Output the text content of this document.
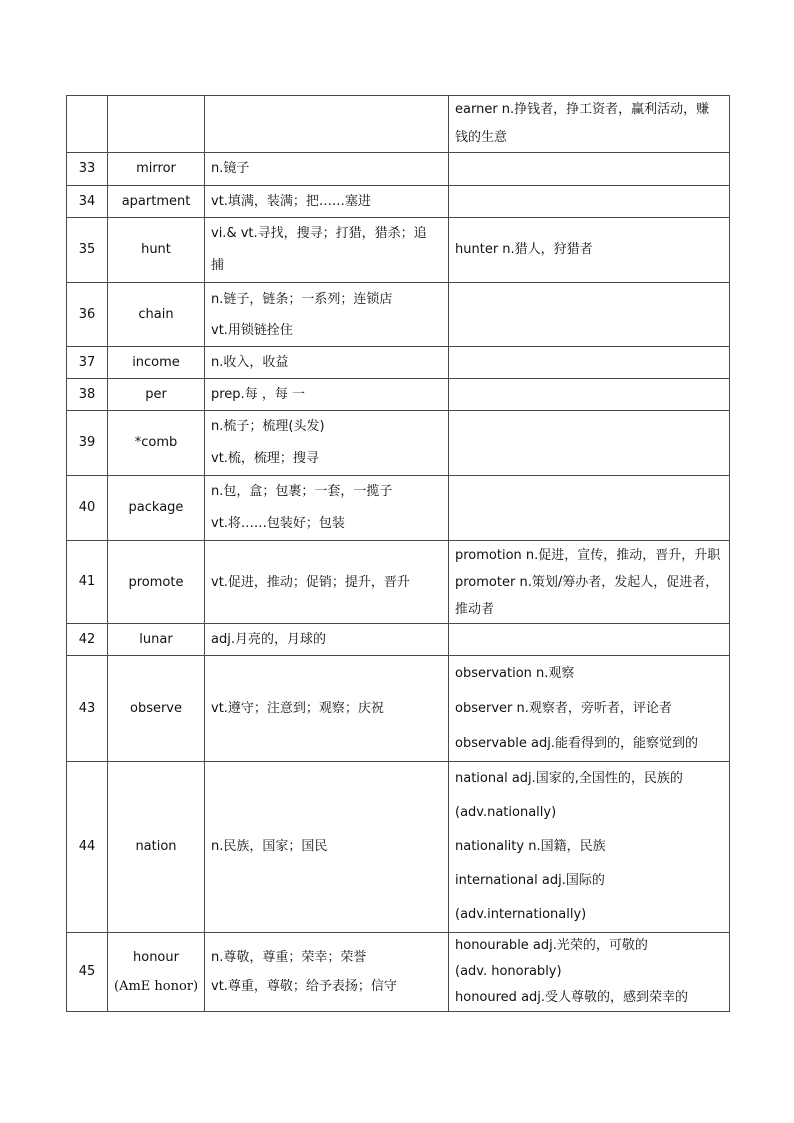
			earner n.挣钱者，挣工资者，赢利活动，赚
钱的生意

33	mirror	n.镜子	

34	apartment	vt.填满，装满；把……塞进	

35	hunt	vi.& vt.寻找，搜寻；打猎，猎杀；追
捕	hunter n.猎人，狩猎者

36	chain	n.链子，链条；一系列；连锁店
vt.用锁链拴住	

37	income	n.收入，收益	

38	per	prep.每 ，每 一	

39	*comb	n.梳子；梳理(头发)
vt.梳，梳理；搜寻	

40	package	n.包，盒；包裹；一套，一揽子
vt.将……包装好；包装	

41	promote	vt.促进，推动；促销；提升，晋升	promotion n.促进，宣传，推动，晋升，升职
promoter n.策划/筹办者，发起人，促进者，
推动者

42	lunar	adj.月亮的，月球的	

43	observe	vt.遵守；注意到；观察；庆祝	observation n.观察
observer n.观察者，旁听者，评论者
observable adj.能看得到的，能察觉到的

44	nation	n.民族，国家；国民	national adj.国家的,全国性的，民族的
(adv.nationally)
nationality n.国籍，民族
international adj.国际的
(adv.internationally)

45	honour
(AmE honor)	n.尊敬，尊重；荣幸；荣誉
vt.尊重，尊敬；给予表扬；信守	honourable adj.光荣的，可敬的
(adv. honorably)
honoured adj.受人尊敬的，感到荣幸的
